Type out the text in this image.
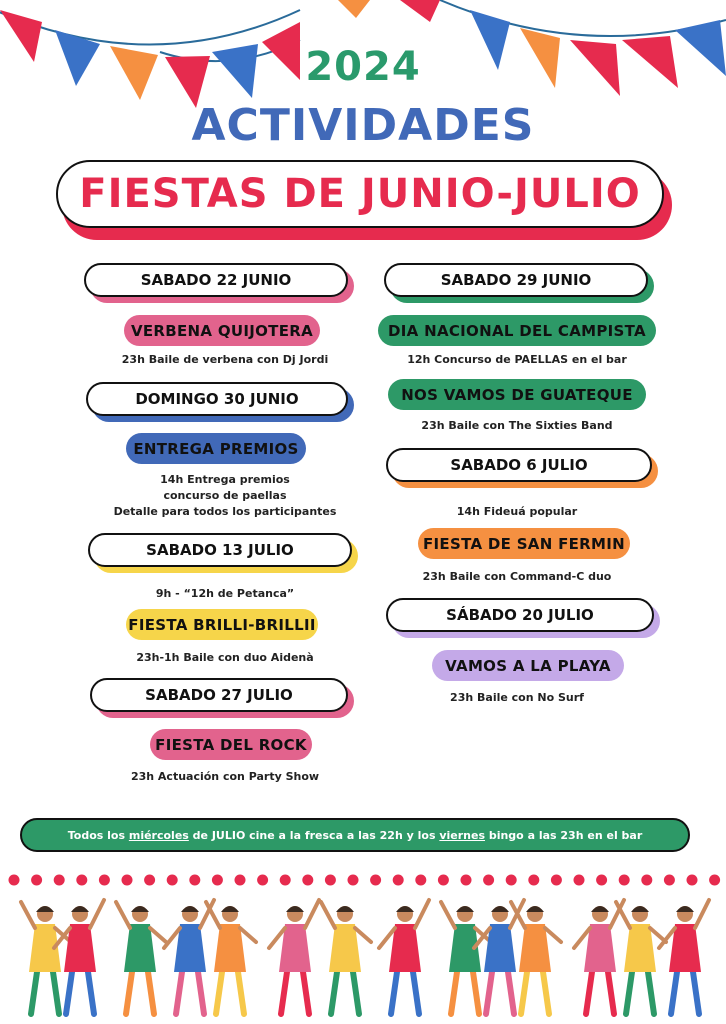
2024
ACTIVIDADES
FIESTAS DE JUNIO-JULIO
SABADO 22 JUNIO
VERBENA QUIJOTERA
23h Baile de verbena con Dj Jordi
DOMINGO 30 JUNIO
ENTREGA PREMIOS
14h Entrega premios
concurso de paellas
Detalle para todos los participantes
SABADO 13 JULIO
9h - “12h de Petanca”
FIESTA BRILLI-BRILLII
23h-1h Baile con duo Aidenà
SABADO 27 JULIO
FIESTA DEL ROCK
23h Actuación con Party Show
SABADO 29 JUNIO
DIA NACIONAL DEL CAMPISTA
12h Concurso de PAELLAS en el bar
NOS VAMOS DE GUATEQUE
23h Baile con The Sixties Band
SABADO 6 JULIO
14h Fideuá popular
FIESTA DE SAN FERMIN
23h Baile con Command-C duo
SÁBADO 20 JULIO
VAMOS A LA PLAYA
23h Baile con No Surf
Todos los miércoles de JULIO cine a la fresca a las 22h y los viernes bingo a las 23h en el bar
